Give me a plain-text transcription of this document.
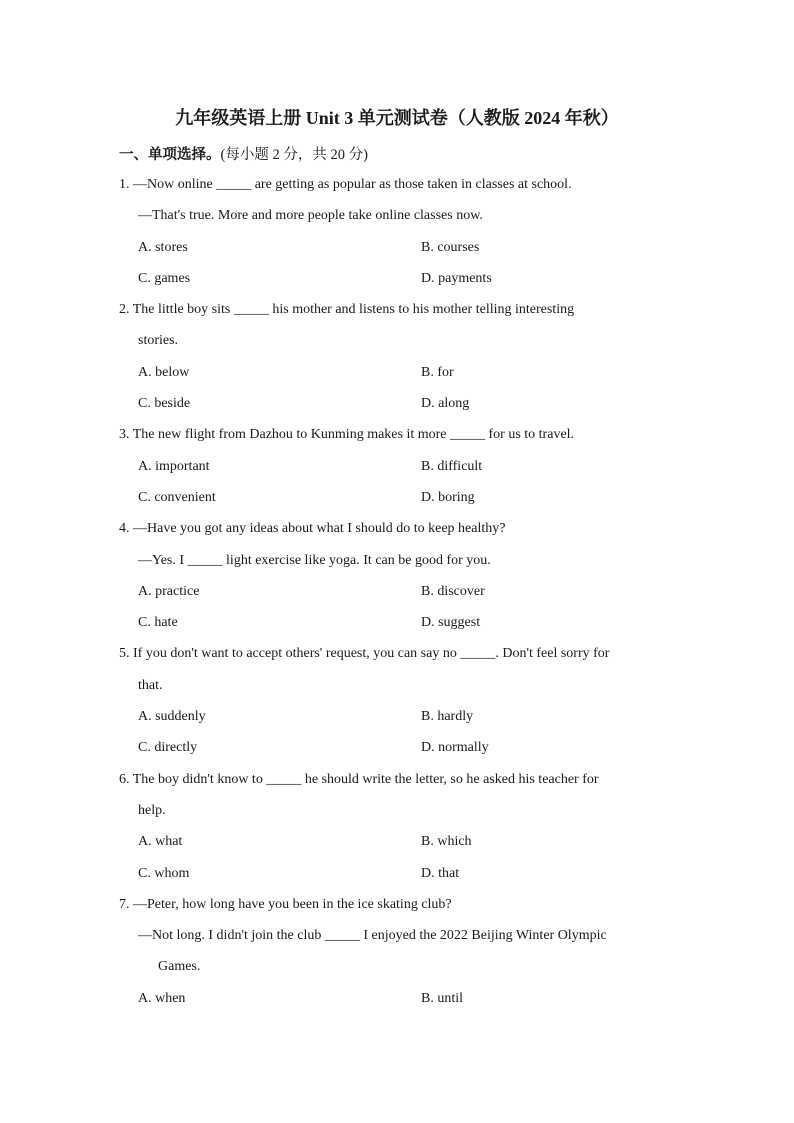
九年级英语上册 Unit 3 单元测试卷（人教版 2024 年秋）
一、单项选择。(每小题 2 分，共 20 分)
1. —Now online _____ are getting as popular as those taken in classes at school.
—That's true. More and more people take online classes now.
A. stores	B. courses
C. games	D. payments
2. The little boy sits _____ his mother and listens to his mother telling interesting
stories.
A. below	B. for
C. beside	D. along
3. The new flight from Dazhou to Kunming makes it more _____ for us to travel.
A. important	B. difficult
C. convenient	D. boring
4. —Have you got any ideas about what I should do to keep healthy?
—Yes. I _____ light exercise like yoga. It can be good for you.
A. practice	B. discover
C. hate	D. suggest
5. If you don't want to accept others' request, you can say no _____. Don't feel sorry for
that.
A. suddenly	B. hardly
C. directly	D. normally
6. The boy didn't know to _____ he should write the letter, so he asked his teacher for
help.
A. what	B. which
C. whom	D. that
7. —Peter, how long have you been in the ice skating club?
—Not long. I didn't join the club _____ I enjoyed the 2022 Beijing Winter Olympic
Games.
A. when	B. until
